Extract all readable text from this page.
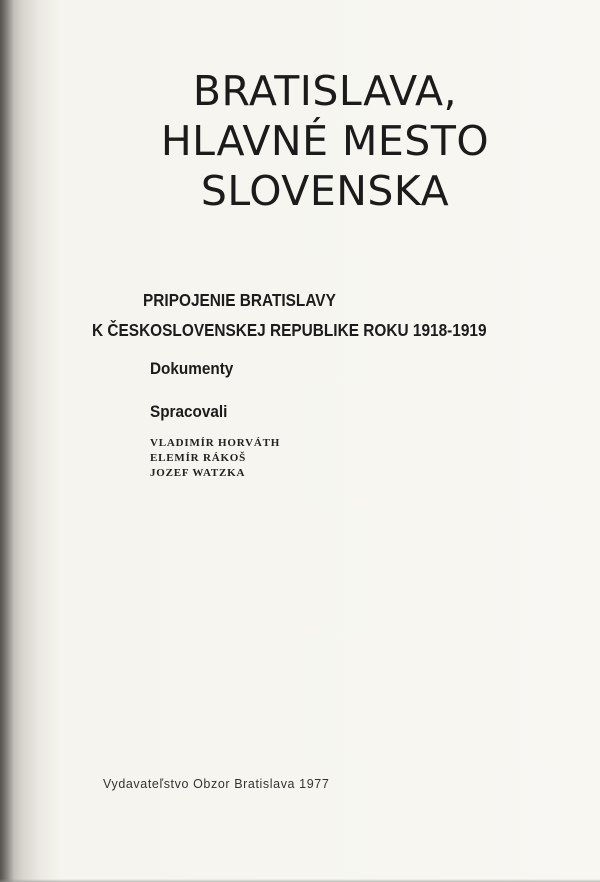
BRATISLAVA,
HLAVNÉ MESTO
SLOVENSKA
PRIPOJENIE BRATISLAVY
K ČESKOSLOVENSKEJ REPUBLIKE ROKU 1918-1919

Dokumenty

Spracovali

VLADIMÍR HORVÁTH
ELEMÍR RÁKOŠ
JOZEF WATZKA

Vydavateľstvo Obzor Bratislava 1977
